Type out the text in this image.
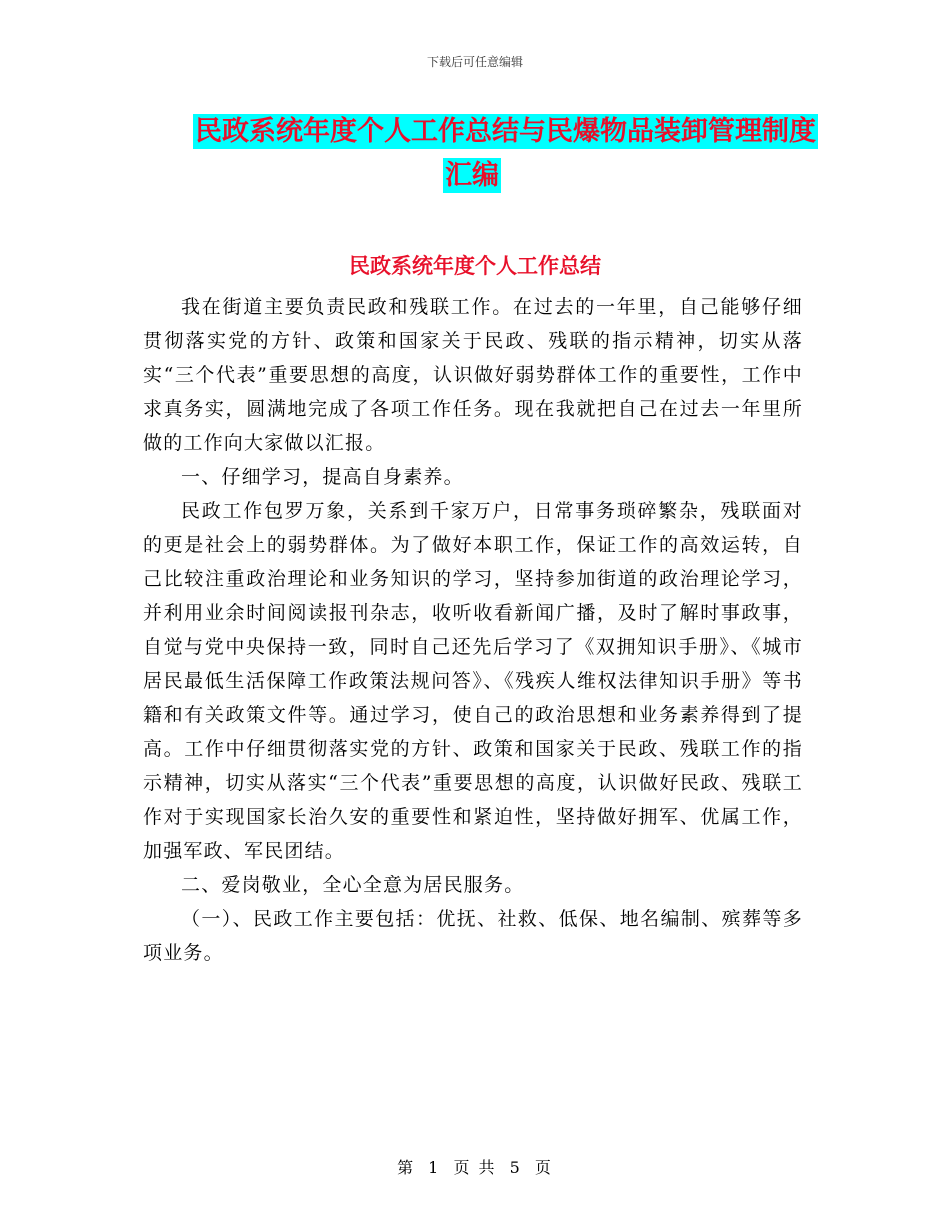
下载后可任意编辑
民政系统年度个人工作总结与民爆物品装卸管理制度
汇编
民政系统年度个人工作总结

我在街道主要负责民政和残联工作。在过去的一年里，自己能够仔细贯彻落实党的方针、政策和国家关于民政、残联的指示精神，切实从落实“三个代表”重要思想的高度，认识做好弱势群体工作的重要性，工作中求真务实，圆满地完成了各项工作任务。现在我就把自己在过去一年里所做的工作向大家做以汇报。

一、仔细学习，提高自身素养。

民政工作包罗万象，关系到千家万户，日常事务琐碎繁杂，残联面对的更是社会上的弱势群体。为了做好本职工作，保证工作的高效运转，自己比较注重政治理论和业务知识的学习，坚持参加街道的政治理论学习，并利用业余时间阅读报刊杂志，收听收看新闻广播，及时了解时事政事，自觉与党中央保持一致，同时自己还先后学习了《双拥知识手册》、《城市居民最低生活保障工作政策法规问答》、《残疾人维权法律知识手册》等书籍和有关政策文件等。通过学习，使自己的政治思想和业务素养得到了提高。工作中仔细贯彻落实党的方针、政策和国家关于民政、残联工作的指示精神，切实从落实“三个代表”重要思想的高度，认识做好民政、残联工作对于实现国家长治久安的重要性和紧迫性，坚持做好拥军、优属工作，加强军政、军民团结。

二、爱岗敬业，全心全意为居民服务。

（一）、民政工作主要包括：优抚、社救、低保、地名编制、殡葬等多项业务。

第 1 页 共 5 页
